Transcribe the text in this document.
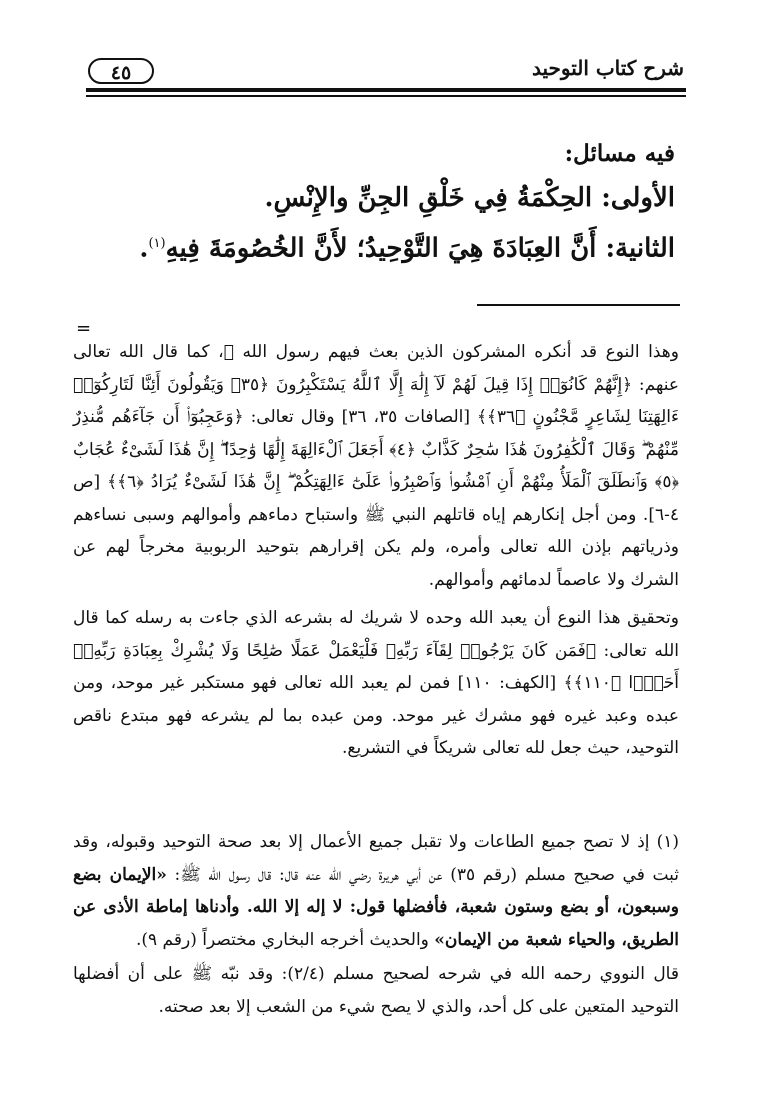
شرح كتاب التوحيد
٤٥
فيه مسائل:

الأولى: الحِكْمَةُ فِي خَلْقِ الجِنِّ والإِنْسِ.

الثانية: أَنَّ العِبَادَةَ هِيَ التَّوْحِيدُ؛ لأَنَّ الخُصُومَةَ فِيهِ$^{(١)}$.

=

وهذا النوع قد أنكره المشركون الذين بعث فيهم رسول الله ﷺ، كما قال الله تعالى عنهم: ﴿إِنَّهُمْ كَانُوٓا۟ إِذَا قِيلَ لَهُمْ لَآ إِلَٰهَ إِلَّا ٱللَّهُ يَسْتَكْبِرُونَ ﴿٣٥﴾ وَيَقُولُونَ أَئِنَّا لَتَارِكُوٓا۟ ءَالِهَتِنَا لِشَاعِرٍ مَّجْنُونٍ ﴿٣٦﴾﴾ [الصافات ٣٥، ٣٦] وقال تعالى: ﴿وَعَجِبُوٓا۟ أَن جَآءَهُم مُّنذِرٌ مِّنْهُمْ ۖ وَقَالَ ٱلْكَٰفِرُونَ هَٰذَا سَٰحِرٌ كَذَّابٌ ﴿٤﴾ أَجَعَلَ ٱلْءَالِهَةَ إِلَٰهًا وَٰحِدًا ۖ إِنَّ هَٰذَا لَشَىْءٌ عُجَابٌ ﴿٥﴾ وَٱنطَلَقَ ٱلْمَلَأُ مِنْهُمْ أَنِ ٱمْشُوا۟ وَٱصْبِرُوا۟ عَلَىٰٓ ءَالِهَتِكُمْ ۖ إِنَّ هَٰذَا لَشَىْءٌ يُرَادُ ﴿٦﴾﴾ [ص ٤-٦]. ومن أجل إنكارهم إياه قاتلهم النبي ﷺ واستباح دماءهم وأموالهم وسبى نساءهم وذرياتهم بإذن الله تعالى وأمره، ولم يكن إقرارهم بتوحيد الربوبية مخرجاً لهم عن الشرك ولا عاصماً لدمائهم وأموالهم.

وتحقيق هذا النوع أن يعبد الله وحده لا شريك له بشرعه الذي جاءت به رسله كما قال الله تعالى: ﴿فَمَن كَانَ يَرْجُوا۟ لِقَآءَ رَبِّهِۦ فَلْيَعْمَلْ عَمَلًا صَٰلِحًا وَلَا يُشْرِكْ بِعِبَادَةِ رَبِّهِۦٓ أَحَدًۢا ﴿١١٠﴾﴾ [الكهف: ١١٠] فمن لم يعبد الله تعالى فهو مستكبر غير موحد، ومن عبده وعبد غيره فهو مشرك غير موحد. ومن عبده بما لم يشرعه فهو مبتدع ناقص التوحيد، حيث جعل لله تعالى شريكاً في التشريع.

(١) إذ لا تصح جميع الطاعات ولا تقبل جميع الأعمال إلا بعد صحة التوحيد وقبوله، وقد ثبت في صحيح مسلم (رقم ٣٥) عن أبي هريرة رضي الله عنه قال: قال رسول الله ﷺ: «الإيمان بضع وسبعون، أو بضع وستون شعبة، فأفضلها قول: لا إله إلا الله. وأدناها إماطة الأذى عن الطريق، والحياء شعبة من الإيمان» والحديث أخرجه البخاري مختصراً (رقم ٩).

قال النووي رحمه الله في شرحه لصحيح مسلم (٢/٤): وقد نبّه ﷺ على أن أفضلها التوحيد المتعين على كل أحد، والذي لا يصح شيء من الشعب إلا بعد صحته.
